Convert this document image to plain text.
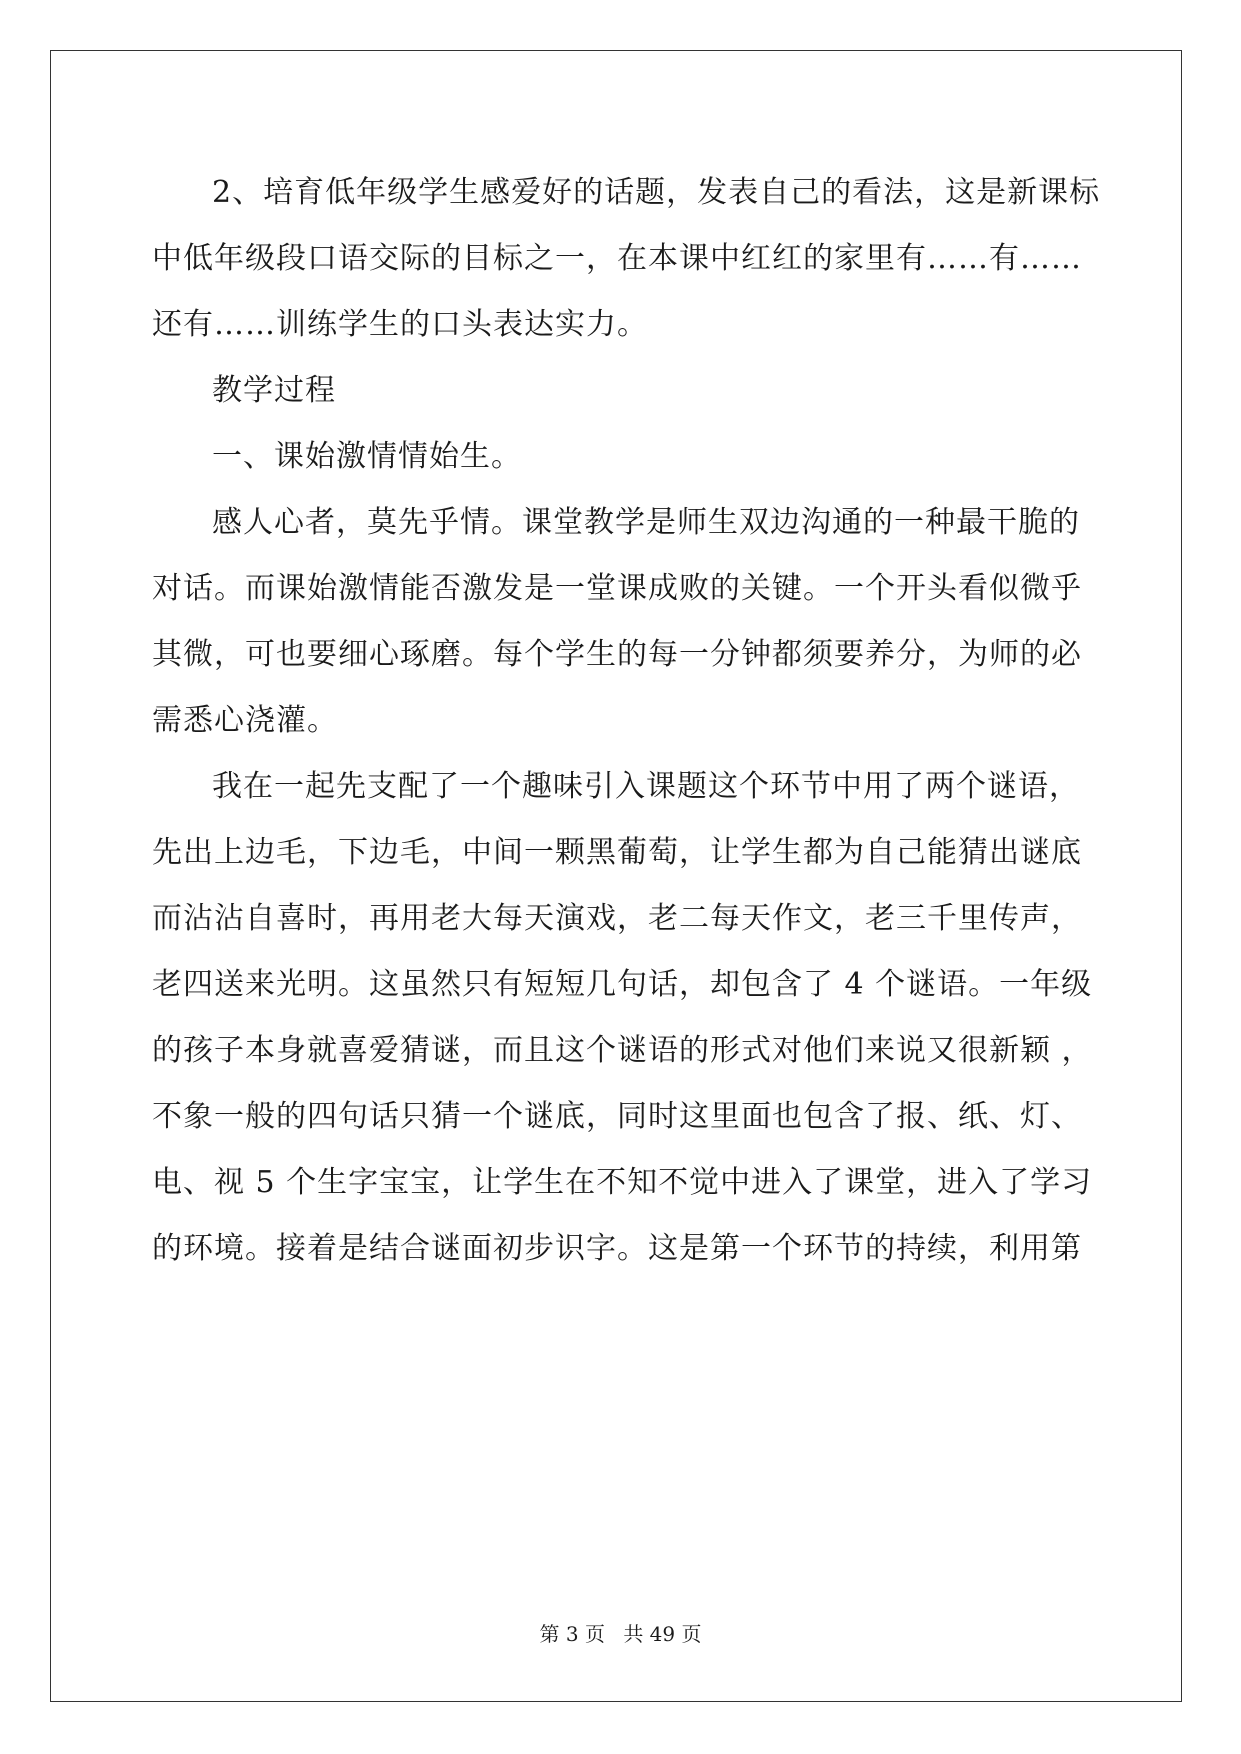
2、培育低年级学生感爱好的话题，发表自己的看法，这是新课标
中低年级段口语交际的目标之一，在本课中红红的家里有……有……
还有……训练学生的口头表达实力。
教学过程
一、课始激情情始生。
感人心者，莫先乎情。课堂教学是师生双边沟通的一种最干脆的
对话。而课始激情能否激发是一堂课成败的关键。一个开头看似微乎
其微，可也要细心琢磨。每个学生的每一分钟都须要养分，为师的必
需悉心浇灌。
我在一起先支配了一个趣味引入课题这个环节中用了两个谜语，
先出上边毛，下边毛，中间一颗黑葡萄，让学生都为自己能猜出谜底
而沾沾自喜时，再用老大每天演戏，老二每天作文，老三千里传声，
老四送来光明。这虽然只有短短几句话，却包含了 4 个谜语。一年级
的孩子本身就喜爱猜谜，而且这个谜语的形式对他们来说又很新颖 ，
不象一般的四句话只猜一个谜底，同时这里面也包含了报、纸、灯、
电、视 5 个生字宝宝，让学生在不知不觉中进入了课堂，进入了学习
的环境。接着是结合谜面初步识字。这是第一个环节的持续，利用第
第 3 页 共 49 页
